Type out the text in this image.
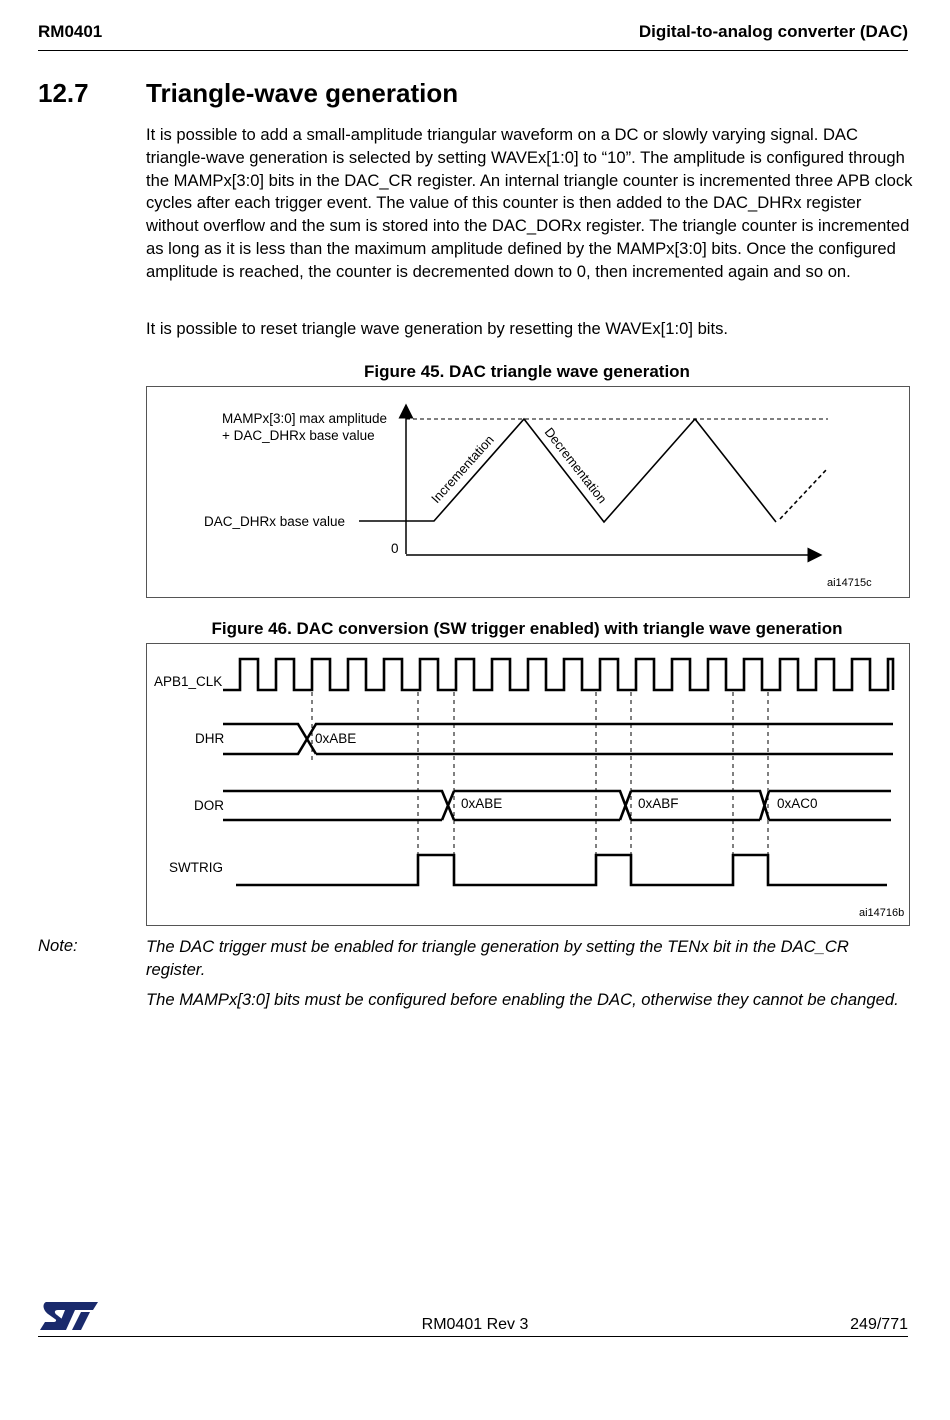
RM0401	Digital-to-analog converter (DAC)
12.7 Triangle-wave generation

It is possible to add a small-amplitude triangular waveform on a DC or slowly varying signal. DAC triangle-wave generation is selected by setting WAVEx[1:0] to “10”. The amplitude is configured through the MAMPx[3:0] bits in the DAC_CR register. An internal triangle counter is incremented three APB clock cycles after each trigger event. The value of this counter is then added to the DAC_DHRx register without overflow and the sum is stored into the DAC_DORx register. The triangle counter is incremented as long as it is less than the maximum amplitude defined by the MAMPx[3:0] bits. Once the configured amplitude is reached, the counter is decremented down to 0, then incremented again and so on.

It is possible to reset triangle wave generation by resetting the WAVEx[1:0] bits.

Figure 45. DAC triangle wave generation
MAMPx[3:0] max amplitude
+ DAC_DHRx base value
DAC_DHRx base value
0
Incrementation	Decrementation
ai14715c
Figure 46. DAC conversion (SW trigger enabled) with triangle wave generation
APB1_CLK
DHR
DOR
SWTRIG
0xABE
0xABE	0xABF	0xAC0
ai14716b
Note:	The DAC trigger must be enabled for triangle generation by setting the TENx bit in the DAC_CR register.

The MAMPx[3:0] bits must be configured before enabling the DAC, otherwise they cannot be changed.

RM0401 Rev 3	249/771
